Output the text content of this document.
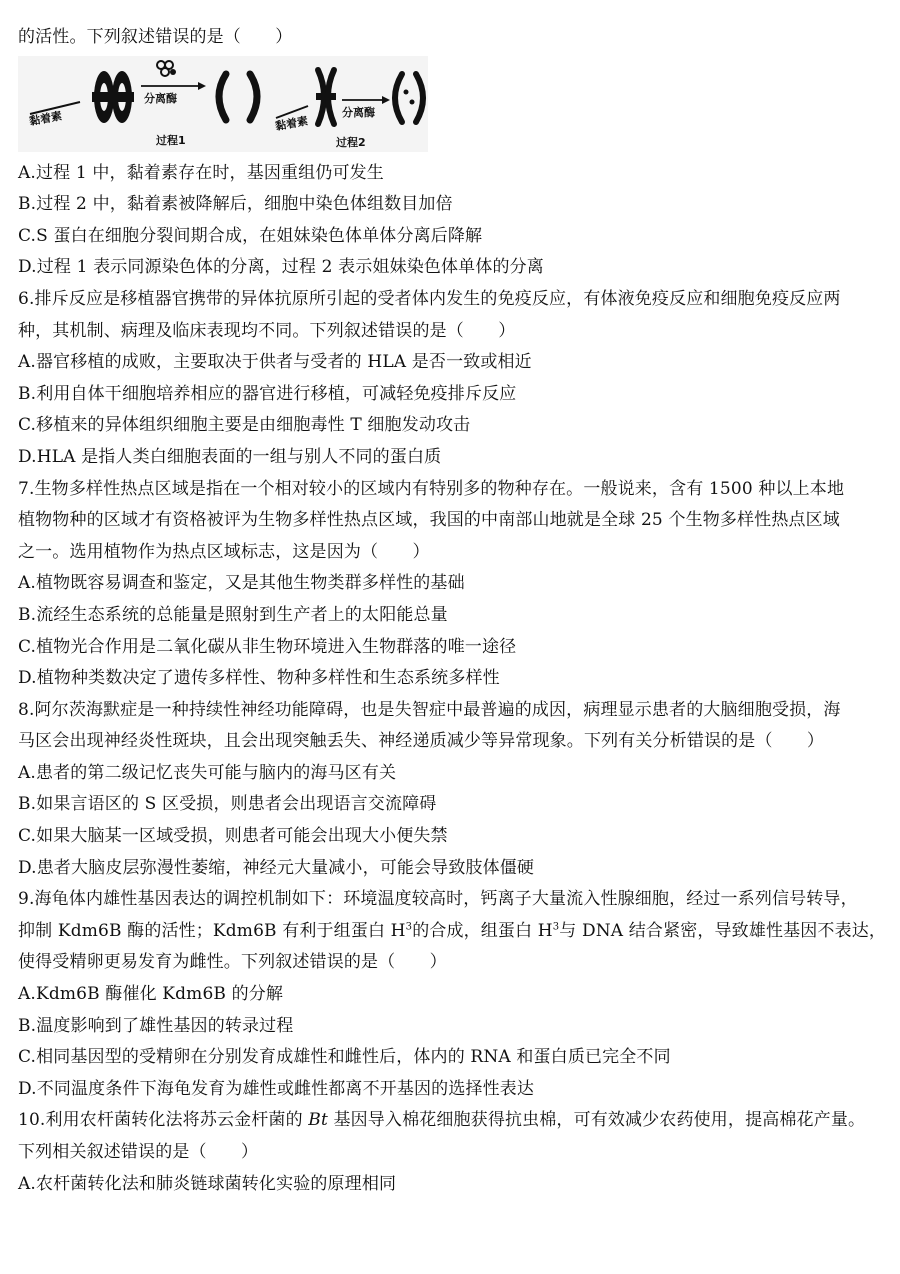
的活性。下列叙述错误的是（　　）
黏着素
分离酶
过程1
黏着素
分离酶
过程2
A.过程 1 中，黏着素存在时，基因重组仍可发生
B.过程 2 中，黏着素被降解后，细胞中染色体组数目加倍
C.S 蛋白在细胞分裂间期合成，在姐妹染色体单体分离后降解
D.过程 1 表示同源染色体的分离，过程 2 表示姐妹染色体单体的分离
6.排斥反应是移植器官携带的异体抗原所引起的受者体内发生的免疫反应，有体液免疫反应和细胞免疫反应两
种，其机制、病理及临床表现均不同。下列叙述错误的是（　　）
A.器官移植的成败，主要取决于供者与受者的 HLA 是否一致或相近
B.利用自体干细胞培养相应的器官进行移植，可减轻免疫排斥反应
C.移植来的异体组织细胞主要是由细胞毒性 T 细胞发动攻击
D.HLA 是指人类白细胞表面的一组与别人不同的蛋白质
7.生物多样性热点区域是指在一个相对较小的区域内有特别多的物种存在。一般说来，含有 1500 种以上本地
植物物种的区域才有资格被评为生物多样性热点区域，我国的中南部山地就是全球 25 个生物多样性热点区域
之一。选用植物作为热点区域标志，这是因为（　　）
A.植物既容易调查和鉴定，又是其他生物类群多样性的基础
B.流经生态系统的总能量是照射到生产者上的太阳能总量
C.植物光合作用是二氧化碳从非生物环境进入生物群落的唯一途径
D.植物种类数决定了遗传多样性、物种多样性和生态系统多样性
8.阿尔茨海默症是一种持续性神经功能障碍，也是失智症中最普遍的成因，病理显示患者的大脑细胞受损，海
马区会出现神经炎性斑块，且会出现突触丢失、神经递质减少等异常现象。下列有关分析错误的是（　　）
A.患者的第二级记忆丧失可能与脑内的海马区有关
B.如果言语区的 S 区受损，则患者会出现语言交流障碍
C.如果大脑某一区域受损，则患者可能会出现大小便失禁
D.患者大脑皮层弥漫性萎缩，神经元大量减小，可能会导致肢体僵硬
9.海龟体内雄性基因表达的调控机制如下：环境温度较高时，钙离子大量流入性腺细胞，经过一系列信号转导，
抑制 Kdm6B 酶的活性；Kdm6B 有利于组蛋白 $H^3$的合成，组蛋白 $H^3$与 DNA 结合紧密，导致雄性基因不表达，
使得受精卵更易发育为雌性。下列叙述错误的是（　　）
A.Kdm6B 酶催化 Kdm6B 的分解
B.温度影响到了雄性基因的转录过程
C.相同基因型的受精卵在分别发育成雄性和雌性后，体内的 RNA 和蛋白质已完全不同
D.不同温度条件下海龟发育为雄性或雌性都离不开基因的选择性表达
10.利用农杆菌转化法将苏云金杆菌的 Bt 基因导入棉花细胞获得抗虫棉，可有效减少农药使用，提高棉花产量。
下列相关叙述错误的是（　　）
A.农杆菌转化法和肺炎链球菌转化实验的原理相同
